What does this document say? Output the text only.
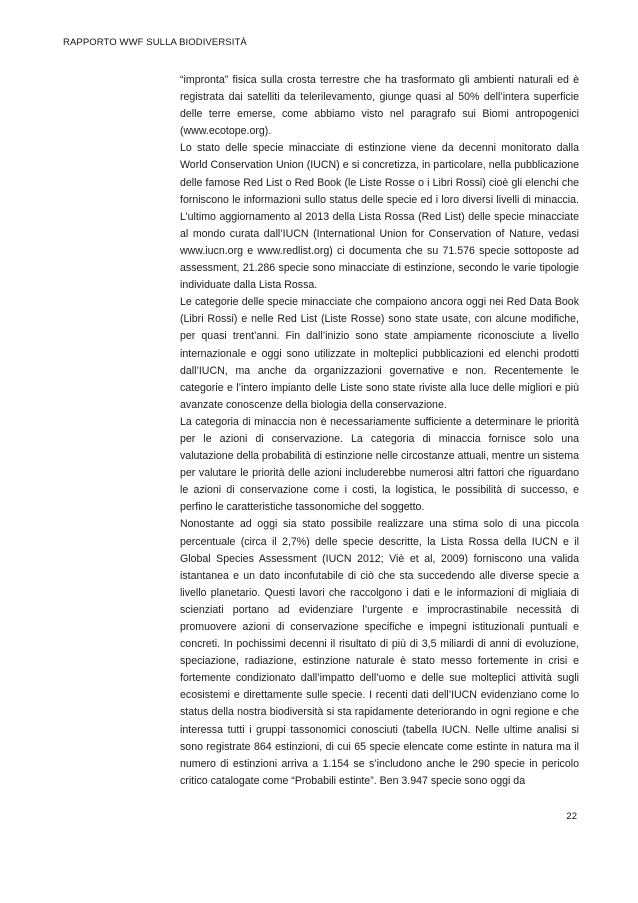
RAPPORTO WWF SULLA BIODIVERSITÀ

“impronta” fisica sulla crosta terrestre che ha trasformato gli ambienti naturali ed è registrata dai satelliti da telerilevamento, giunge quasi al 50% dell’intera superficie delle terre emerse, come abbiamo visto nel paragrafo sui Biomi antropogenici (www.ecotope.org).

Lo stato delle specie minacciate di estinzione viene da decenni monitorato dalla World Conservation Union (IUCN) e si concretizza, in particolare, nella pubblicazione delle famose Red List o Red Book (le Liste Rosse o i Libri Rossi) cioè gli elenchi che forniscono le informazioni sullo status delle specie ed i loro diversi livelli di minaccia. L’ultimo aggiornamento al 2013 della Lista Rossa (Red List) delle specie minacciate al mondo curata dall’IUCN (International Union for Conservation of Nature, vedasi www.iucn.org e www.redlist.org) ci documenta che su 71.576 specie sottoposte ad assessment, 21.286 specie sono minacciate di estinzione, secondo le varie tipologie individuate dalla Lista Rossa.

Le categorie delle specie minacciate che compaiono ancora oggi nei Red Data Book (Libri Rossi) e nelle Red List (Liste Rosse) sono state usate, con alcune modifiche, per quasi trent’anni. Fin dall’inizio sono state ampiamente riconosciute a livello internazionale e oggi sono utilizzate in molteplici pubblicazioni ed elenchi prodotti dall’IUCN, ma anche da organizzazioni governative e non. Recentemente le categorie e l’intero impianto delle Liste sono state riviste alla luce delle migliori e più avanzate conoscenze della biologia della conservazione.

La categoria di minaccia non è necessariamente sufficiente a determinare le priorità per le azioni di conservazione. La categoria di minaccia fornisce solo una valutazione della probabilità di estinzione nelle circostanze attuali, mentre un sistema per valutare le priorità delle azioni includerebbe numerosi altri fattori che riguardano le azioni di conservazione come i costi, la logistica, le possibilità di successo, e perfino le caratteristiche tassonomiche del soggetto.

Nonostante ad oggi sia stato possibile realizzare una stima solo di una piccola percentuale (circa il 2,7%) delle specie descritte, la Lista Rossa della IUCN e il Global Species Assessment (IUCN 2012; Viè et al, 2009) forniscono una valida istantanea e un dato inconfutabile di ciò che sta succedendo alle diverse specie a livello planetario. Questi lavori che raccolgono i dati e le informazioni di migliaia di scienziati portano ad evidenziare l’urgente e improcrastinabile necessità di promuovere azioni di conservazione specifiche e impegni istituzionali puntuali e concreti. In pochissimi decenni il risultato di più di 3,5 miliardi di anni di evoluzione, speciazione, radiazione, estinzione naturale è stato messo fortemente in crisi e fortemente condizionato dall’impatto dell’uomo e delle sue molteplici attività sugli ecosistemi e direttamente sulle specie. I recenti dati dell’IUCN evidenziano come lo status della nostra biodiversità si sta rapidamente deteriorando in ogni regione e che interessa tutti i gruppi tassonomici conosciuti (tabella IUCN. Nelle ultime analisi si sono registrate 864 estinzioni, di cui 65 specie elencate come estinte in natura ma il numero di estinzioni arriva a 1.154 se s’includono anche le 290 specie in pericolo critico catalogate come “Probabili estinte”. Ben 3.947 specie sono oggi da

22
